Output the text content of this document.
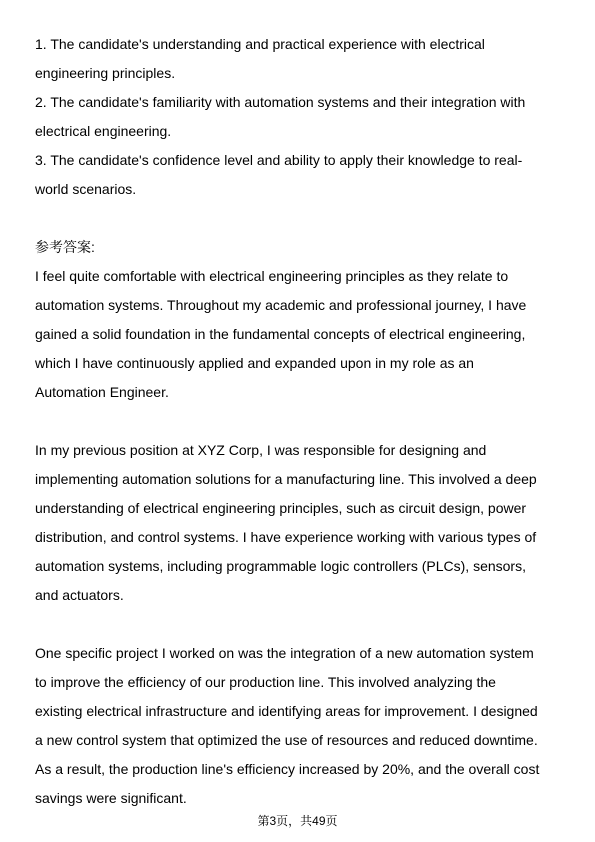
1. The candidate's understanding and practical experience with electrical
engineering principles.
2. The candidate's familiarity with automation systems and their integration with
electrical engineering.
3. The candidate's confidence level and ability to apply their knowledge to real-
world scenarios.
参考答案:
I feel quite comfortable with electrical engineering principles as they relate to
automation systems. Throughout my academic and professional journey, I have
gained a solid foundation in the fundamental concepts of electrical engineering,
which I have continuously applied and expanded upon in my role as an
Automation Engineer.
In my previous position at XYZ Corp, I was responsible for designing and
implementing automation solutions for a manufacturing line. This involved a deep
understanding of electrical engineering principles, such as circuit design, power
distribution, and control systems. I have experience working with various types of
automation systems, including programmable logic controllers (PLCs), sensors,
and actuators.
One specific project I worked on was the integration of a new automation system
to improve the efficiency of our production line. This involved analyzing the
existing electrical infrastructure and identifying areas for improvement. I designed
a new control system that optimized the use of resources and reduced downtime.
As a result, the production line's efficiency increased by 20%, and the overall cost
savings were significant.
第3页，共49页
